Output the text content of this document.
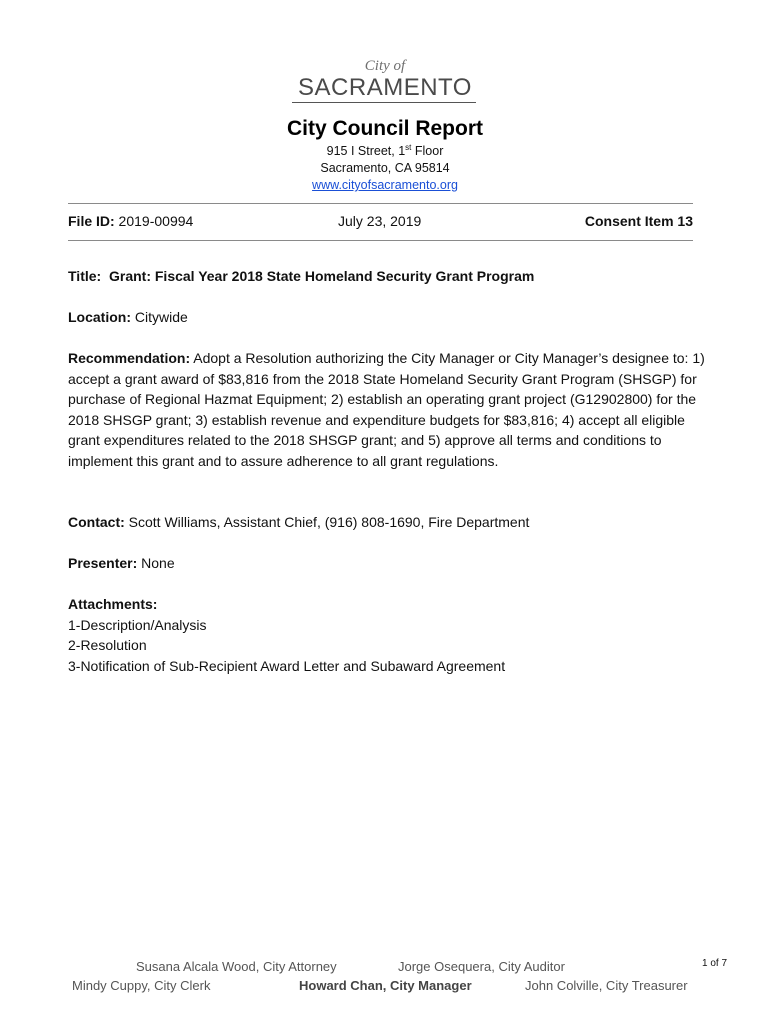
City of
SACRAMENTO
City Council Report
915 I Street, 1st Floor
Sacramento, CA 95814
www.cityofsacramento.org
File ID: 2019-00994	July 23, 2019	Consent Item 13
Title:  Grant: Fiscal Year 2018 State Homeland Security Grant Program
Location: Citywide
Recommendation: Adopt a Resolution authorizing the City Manager or City Manager’s designee to: 1) accept a grant award of $83,816 from the 2018 State Homeland Security Grant Program (SHSGP) for purchase of Regional Hazmat Equipment; 2) establish an operating grant project (G12902800) for the 2018 SHSGP grant; 3) establish revenue and expenditure budgets for $83,816; 4) accept all eligible grant expenditures related to the 2018 SHSGP grant; and 5) approve all terms and conditions to implement this grant and to assure adherence to all grant regulations.
Contact: Scott Williams, Assistant Chief, (916) 808-1690, Fire Department
Presenter: None
Attachments:
1-Description/Analysis
2-Resolution
3-Notification of Sub-Recipient Award Letter and Subaward Agreement
Susana Alcala Wood, City Attorney	Jorge Osequera, City Auditor	1 of 7
Mindy Cuppy, City Clerk	Howard Chan, City Manager	John Colville, City Treasurer
